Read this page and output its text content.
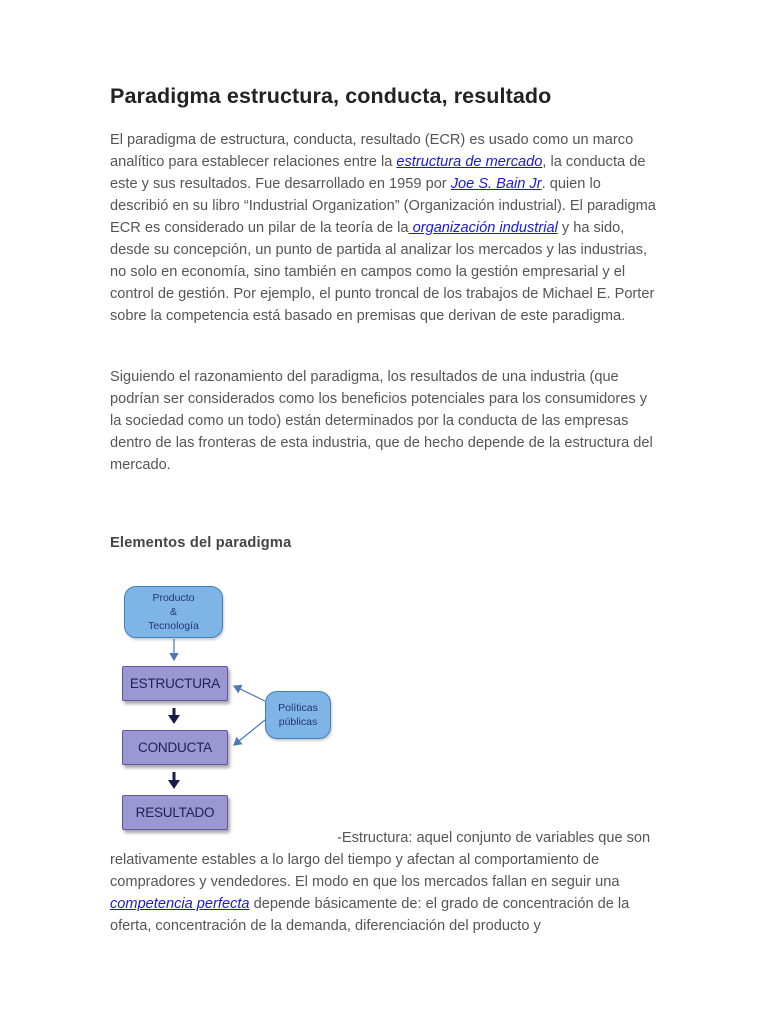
Paradigma estructura, conducta, resultado

El paradigma de estructura, conducta, resultado (ECR) es usado como un marco analítico para establecer relaciones entre la estructura de mercado, la conducta de este y sus resultados. Fue desarrollado en 1959 por Joe S. Bain Jr. quien lo describió en su libro “Industrial Organization” (Organización industrial). El paradigma ECR es considerado un pilar de la teoría de la organización industrial y ha sido, desde su concepción, un punto de partida al analizar los mercados y las industrias, no solo en economía, sino también en campos como la gestión empresarial y el control de gestión. Por ejemplo, el punto troncal de los trabajos de Michael E. Porter sobre la competencia está basado en premisas que derivan de este paradigma.

Siguiendo el razonamiento del paradigma, los resultados de una industria (que podrían ser considerados como los beneficios potenciales para los consumidores y la sociedad como un todo) están determinados por la conducta de las empresas dentro de las fronteras de esta industria, que de hecho depende de la estructura del mercado.

Elementos del paradigma
Producto
&
Tecnología
ESTRUCTURA
CONDUCTA
RESULTADO
Políticas
públicas

-Estructura: aquel conjunto de variables que son relativamente estables a lo largo del tiempo y afectan al comportamiento de compradores y vendedores. El modo en que los mercados fallan en seguir una competencia perfecta depende básicamente de: el grado de concentración de la oferta, concentración de la demanda, diferenciación del producto y
